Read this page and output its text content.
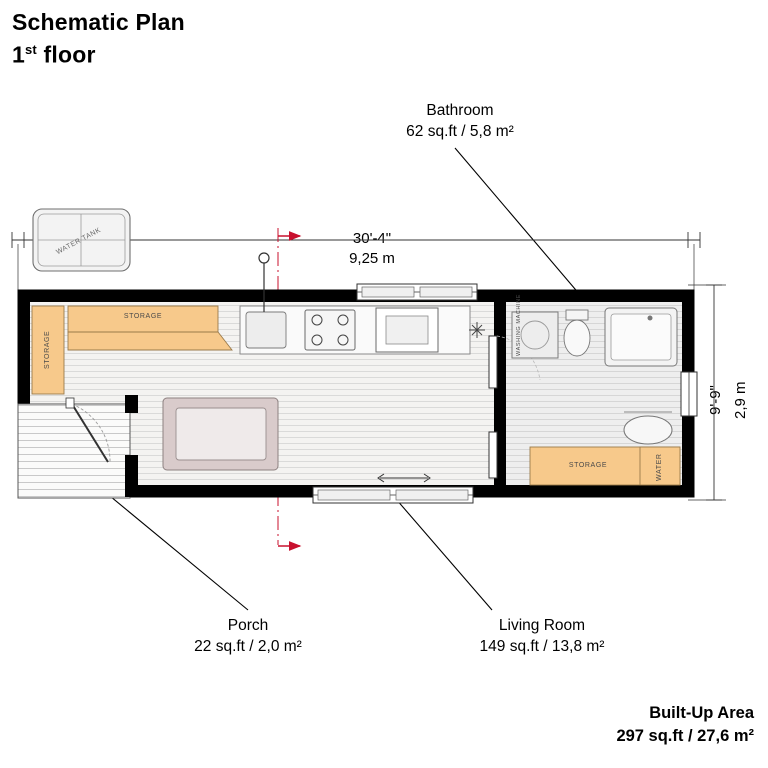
Schematic Plan
1st floor
Bathroom
62 sq.ft / 5,8 m²
Porch
22 sq.ft / 2,0 m²
Living Room
149 sq.ft / 13,8 m²
Built-Up Area
297 sq.ft / 27,6 m²
30'-4"
9,25 m
9'-9" 2,9 m
STORAGE
STORAGE
STORAGE	WATER
WATER TANK
WASHING MACHINE
